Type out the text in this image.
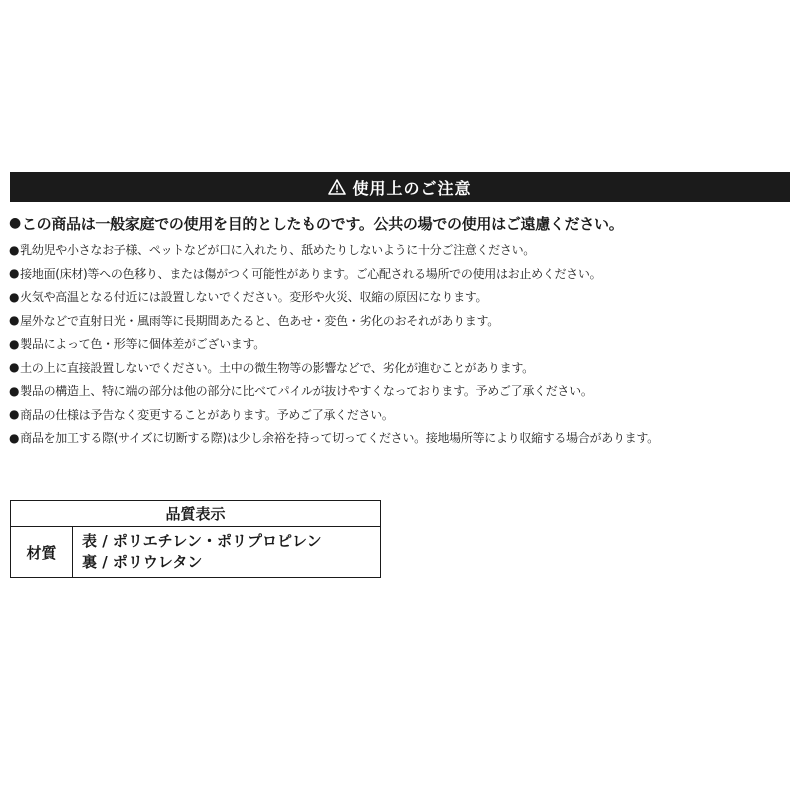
使用上のご注意
● この商品は一般家庭での使用を目的としたものです。公共の場での使用はご遠慮ください。
● 乳幼児や小さなお子様、ペットなどが口に入れたり、舐めたりしないように十分ご注意ください。
● 接地面(床材)等への色移り、または傷がつく可能性があります。ご心配される場所での使用はお止めください。
● 火気や高温となる付近には設置しないでください。変形や火災、収縮の原因になります。
● 屋外などで直射日光・風雨等に長期間あたると、色あせ・変色・劣化のおそれがあります。
● 製品によって色・形等に個体差がございます。
● 土の上に直接設置しないでください。土中の微生物等の影響などで、劣化が進むことがあります。
● 製品の構造上、特に端の部分は他の部分に比べてパイルが抜けやすくなっております。予めご了承ください。
● 商品の仕様は予告なく変更することがあります。予めご了承ください。
● 商品を加工する際(サイズに切断する際)は少し余裕を持って切ってください。接地場所等により収縮する場合があります。
品質表示
材質
表 / ポリエチレン・ポリプロピレン
裏 / ポリウレタン
